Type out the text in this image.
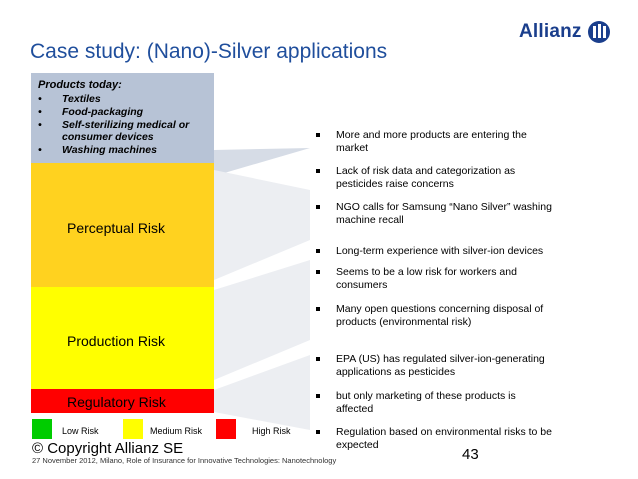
Case study: (Nano)-Silver applications
Allianz
Products today:
• Textiles
• Food-packaging
• Self-sterilizing medical or
consumer devices
• Washing machines
Perceptual Risk
Production Risk
Regulatory Risk
More and more products are entering the
market
Lack of risk data and categorization as
pesticides raise concerns
NGO calls for Samsung “Nano Silver” washing
machine recall
Long-term experience with silver-ion devices
Seems to be a low risk for workers and
consumers
Many open questions concerning disposal of
products (environmental risk)
EPA (US) has regulated silver-ion-generating
applications as pesticides
but only marketing of these products is
affected
Regulation based on environmental risks to be
expected
Low Risk	Medium Risk	High Risk
© Copyright Allianz SE
27 November 2012, Milano, Role of Insurance for Innovative Technologies: Nanotechnology	43
